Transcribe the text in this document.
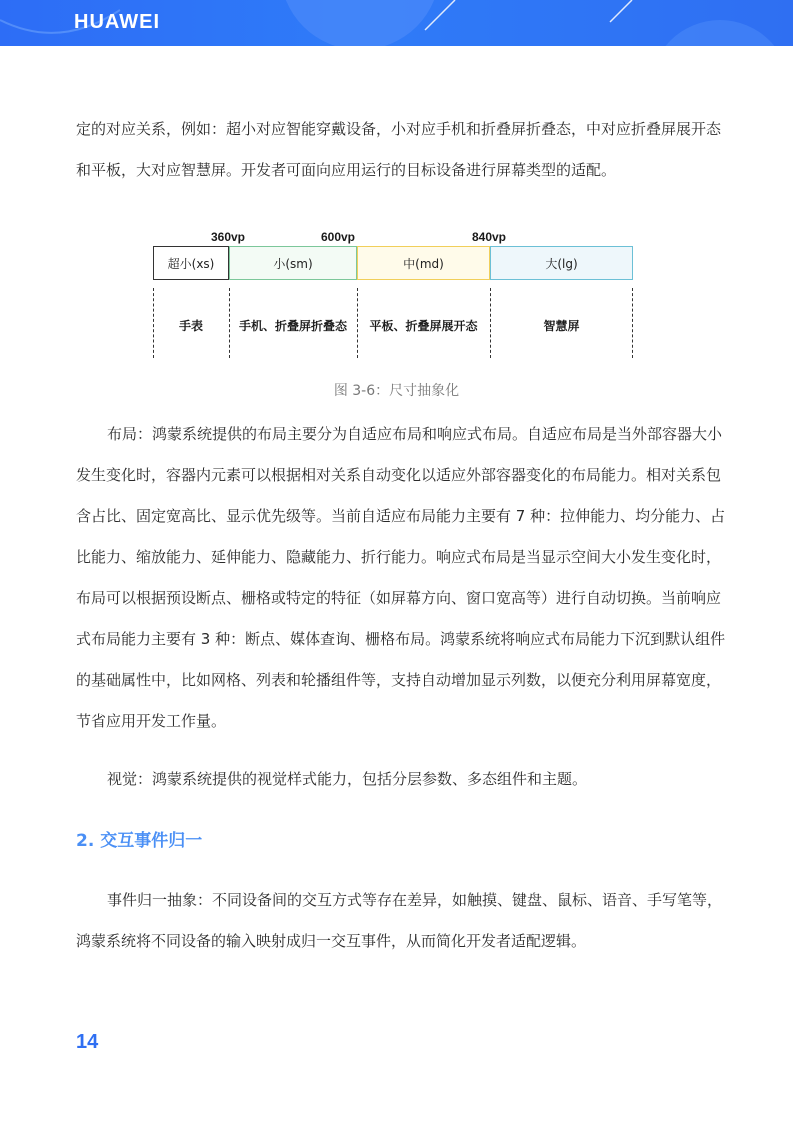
HUAWEI

定的对应关系，例如：超小对应智能穿戴设备，小对应手机和折叠屏折叠态，中对应折叠屏展开态和平板，大对应智慧屏。开发者可面向应用运行的目标设备进行屏幕类型的适配。

360vp	600vp	840vp
超小(xs)	小(sm)	中(md)	大(lg)
手表	手机、折叠屏折叠态	平板、折叠屏展开态	智慧屏
图 3-6：尺寸抽象化

布局：鸿蒙系统提供的布局主要分为自适应布局和响应式布局。自适应布局是当外部容器大小发生变化时，容器内元素可以根据相对关系自动变化以适应外部容器变化的布局能力。相对关系包含占比、固定宽高比、显示优先级等。当前自适应布局能力主要有 7 种：拉伸能力、均分能力、占比能力、缩放能力、延伸能力、隐藏能力、折行能力。响应式布局是当显示空间大小发生变化时，布局可以根据预设断点、栅格或特定的特征（如屏幕方向、窗口宽高等）进行自动切换。当前响应式布局能力主要有 3 种：断点、媒体查询、栅格布局。鸿蒙系统将响应式布局能力下沉到默认组件的基础属性中，比如网格、列表和轮播组件等，支持自动增加显示列数，以便充分利用屏幕宽度，节省应用开发工作量。

视觉：鸿蒙系统提供的视觉样式能力，包括分层参数、多态组件和主题。

2. 交互事件归一

事件归一抽象：不同设备间的交互方式等存在差异，如触摸、键盘、鼠标、语音、手写笔等，鸿蒙系统将不同设备的输入映射成归一交互事件，从而简化开发者适配逻辑。

14
